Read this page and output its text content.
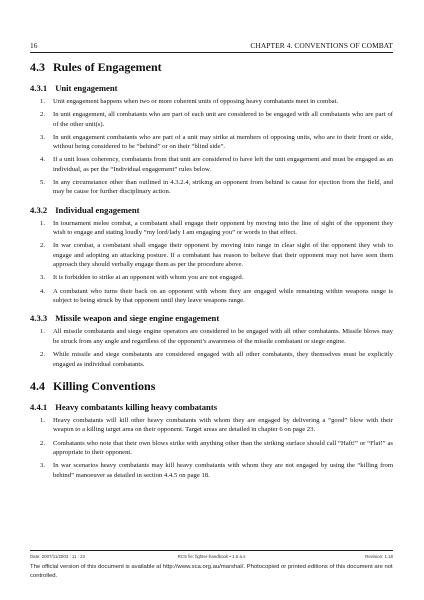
16	CHAPTER 4. CONVENTIONS OF COMBAT
4.3 Rules of Engagement
4.3.1 Unit engagement
1. Unit engagement happens when two or more coherent units of opposing heavy combatants meet in combat.
2. In unit engagement, all combatants who are part of each unit are considered to be engaged with all combatants who are part of of the other unit(s).
3. In unit engagement combatants who are part of a unit may strike at members of opposing units, who are to their front or side, without being considered to be “behind” or on their “blind side”.
4. If a unit loses coherency, combatants from that unit are considered to have left the unit engagement and must be engaged as an individual, as per the “Individual engagement” rules below.
5. In any circumstance other than outlined in 4.3.2.4, striking an opponent from behind is cause for ejection from the field, and may be cause for further disciplinary action.
4.3.2 Individual engagement
1. In tournament melee combat, a combatant shall engage their opponent by moving into the line of sight of the opponent they wish to engage and stating loudly “my lord/lady I am engaging you” or words to that effect.
2. In war combat, a combatant shall engage their opponent by moving into range in clear sight of the opponent they wish to engage and adopting an attacking posture. If a combatant has reason to believe that their opponent may not have seen them approach they should verbally engage them as per the procedure above.
3. It is forbidden to strike at an opponent with whom you are not engaged.
4. A combatant who turns their back on an opponent with whom they are engaged while remaining within weapons range is subject to being struck by that opponent until they leave weapons range.
4.3.3 Missile weapon and siege engine engagement
1. All missile combatants and siege engine operators are considered to be engaged with all other combatants. Missile blows may be struck from any angle and regardless of the opponent’s awareness of the missile combatant or siege engine.
2. While missile and siege combatants are considered engaged with all other combatants, they themselves must be explicitly engaged as individual combatants.
4.4 Killing Conventions
4.4.1 Heavy combatants killing heavy combatants
1. Heavy combatants will kill other heavy combatants with whom they are engaged by delivering a “good” blow with their weapon to a killing target area on their opponent. Target areas are detailed in chapter 6 on page 23.
2. Combatants who note that their own blows strike with anything other than the striking surface should call “Haft!” or “Flat!” as appropriate to their opponent.
3. In war scenarios heavy combatants may kill heavy combatants with whom they are not engaged by using the “killing from behind” manoeuver as detailed in section 4.4.5 on page 18.
Date: 2007/11/2003 : 11 : 22	RCS fie: fighter-handbook • 1.5 a.s	Revision: 1.18
The official version of this document is available at http://www.sca.org.au/marshal/. Photocopied or printed editions of this document are not controlled.
